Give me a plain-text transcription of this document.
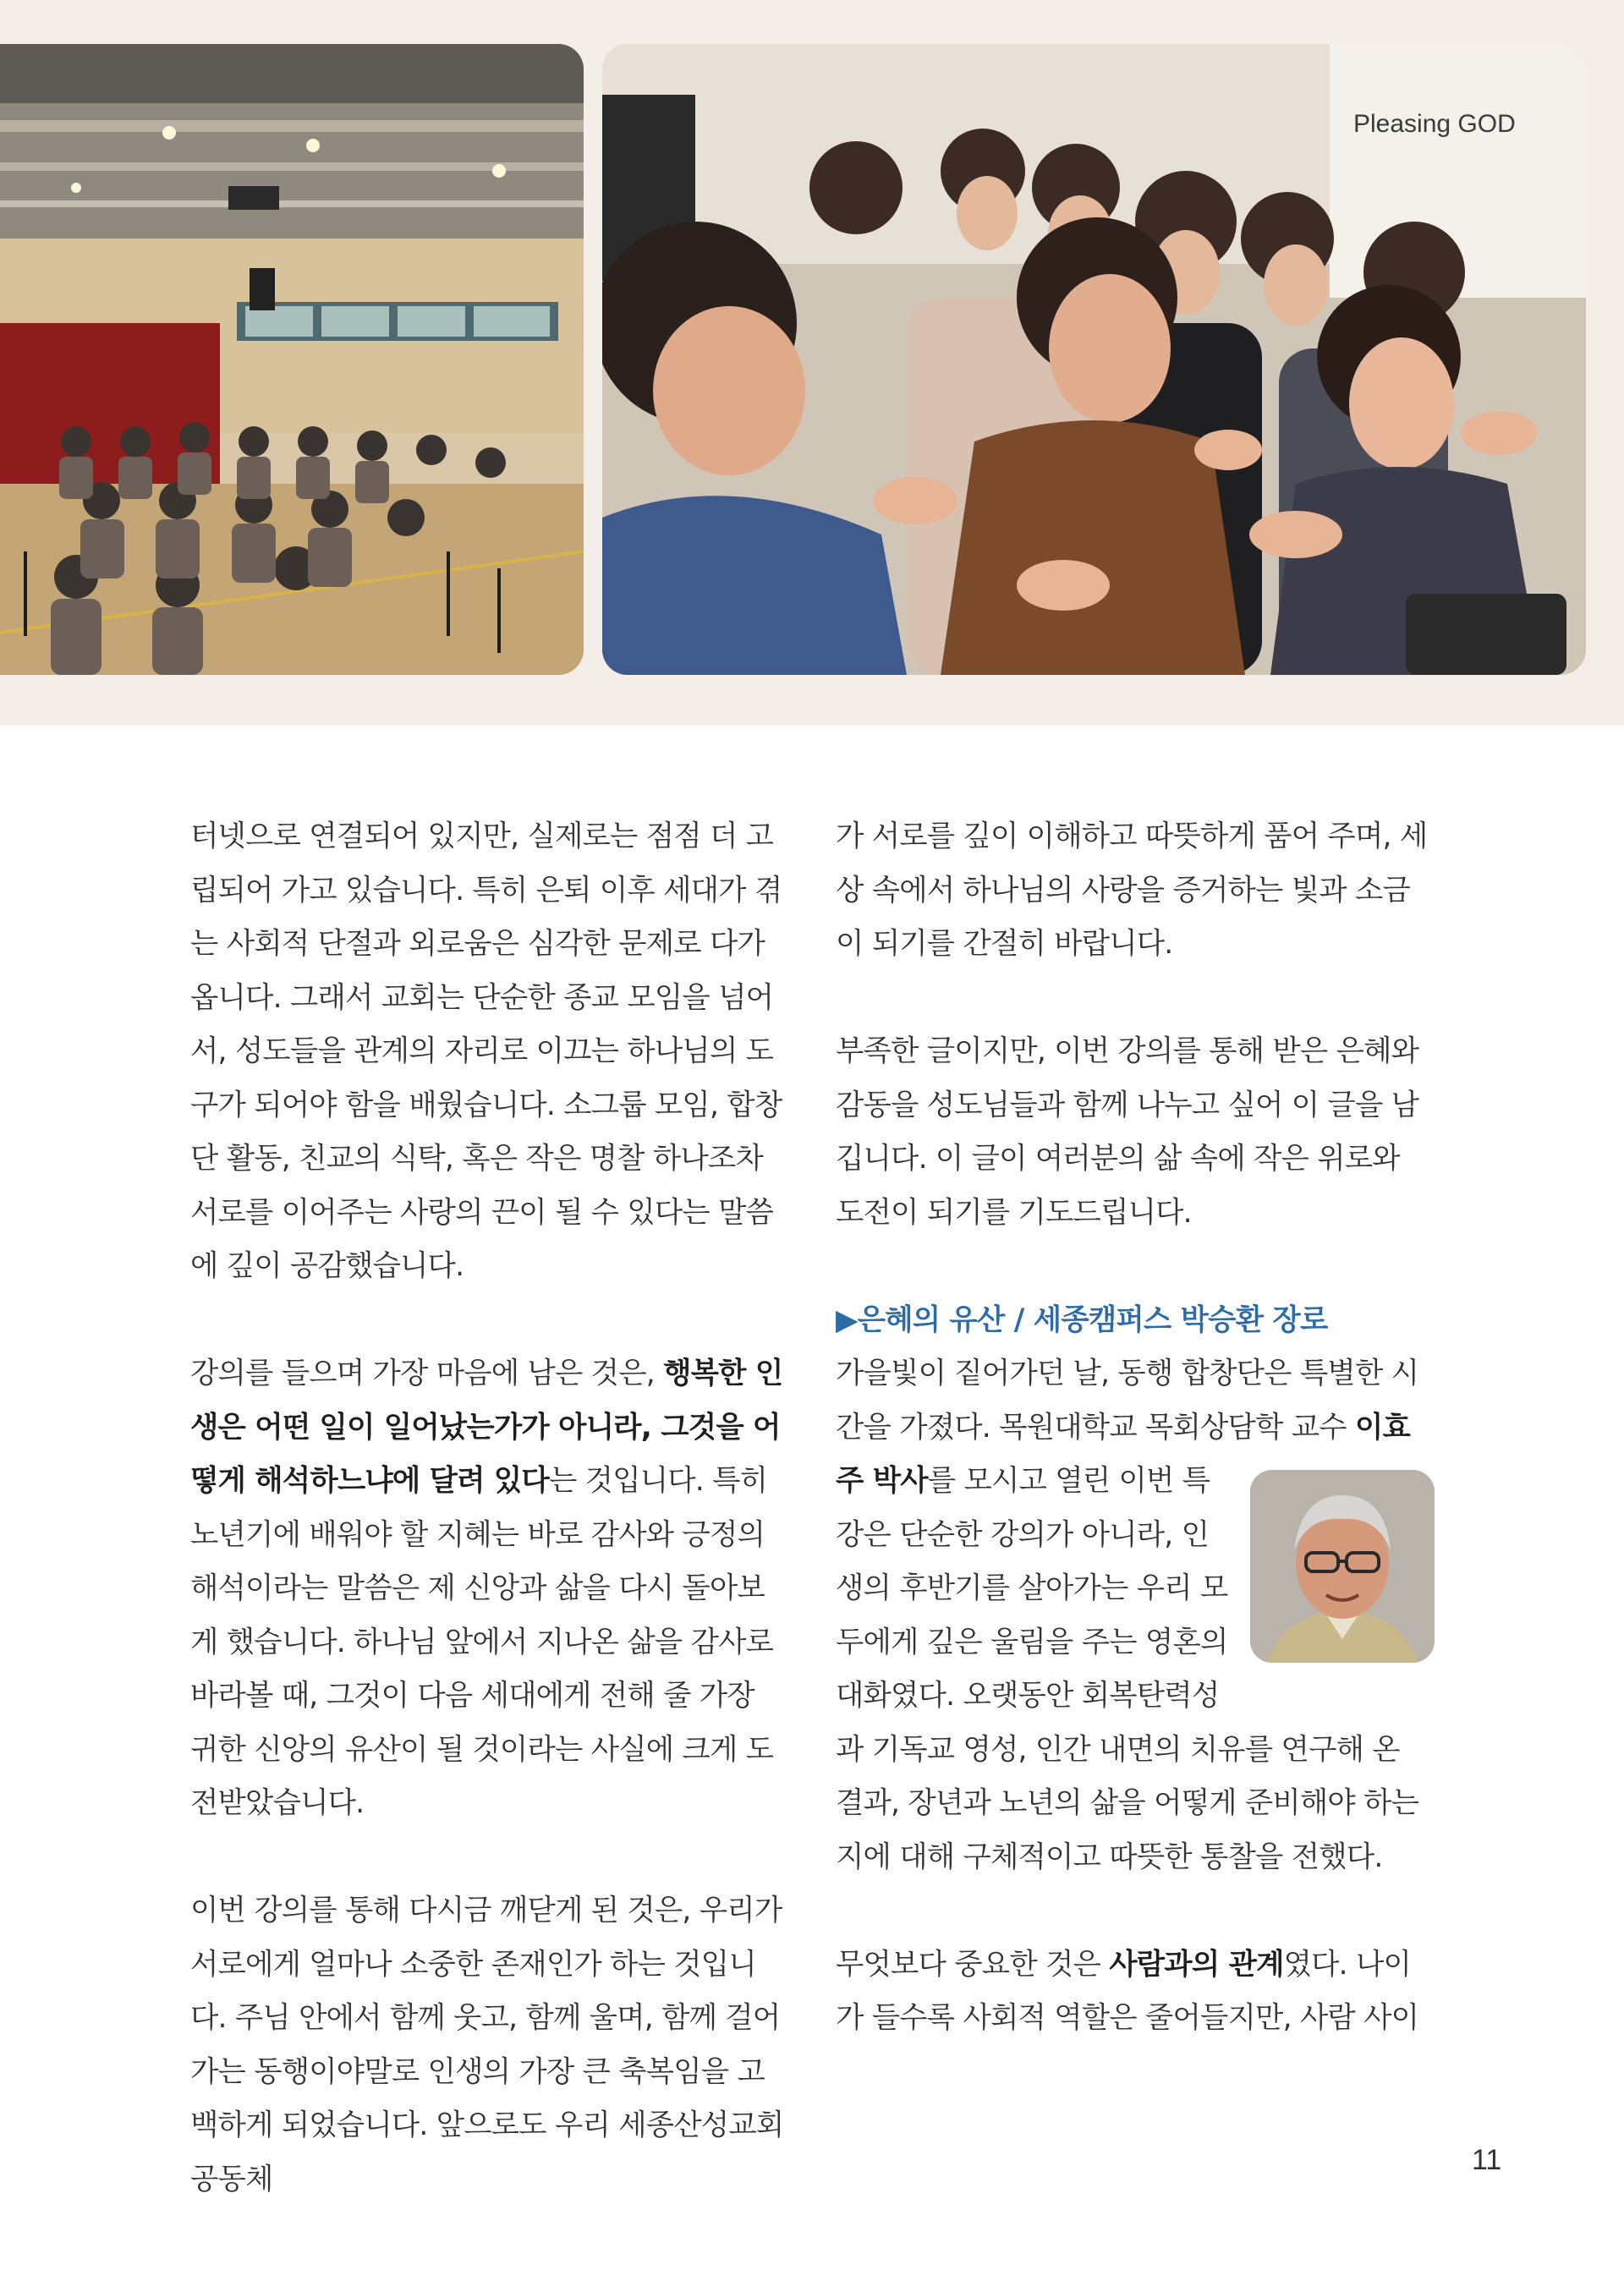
Pleasing GOD

터넷으로 연결되어 있지만, 실제로는 점점 더 고립되어 가고 있습니다. 특히 은퇴 이후 세대가 겪는 사회적 단절과 외로움은 심각한 문제로 다가옵니다. 그래서 교회는 단순한 종교 모임을 넘어서, 성도들을 관계의 자리로 이끄는 하나님의 도구가 되어야 함을 배웠습니다. 소그룹 모임, 합창단 활동, 친교의 식탁, 혹은 작은 명찰 하나조차 서로를 이어주는 사랑의 끈이 될 수 있다는 말씀에 깊이 공감했습니다.

강의를 들으며 가장 마음에 남은 것은, 행복한 인생은 어떤 일이 일어났는가가 아니라, 그것을 어떻게 해석하느냐에 달려 있다는 것입니다. 특히 노년기에 배워야 할 지혜는 바로 감사와 긍정의 해석이라는 말씀은 제 신앙과 삶을 다시 돌아보게 했습니다. 하나님 앞에서 지나온 삶을 감사로 바라볼 때, 그것이 다음 세대에게 전해 줄 가장 귀한 신앙의 유산이 될 것이라는 사실에 크게 도전받았습니다.

이번 강의를 통해 다시금 깨닫게 된 것은, 우리가 서로에게 얼마나 소중한 존재인가 하는 것입니다. 주님 안에서 함께 웃고, 함께 울며, 함께 걸어가는 동행이야말로 인생의 가장 큰 축복임을 고백하게 되었습니다. 앞으로도 우리 세종산성교회 공동체

가 서로를 깊이 이해하고 따뜻하게 품어 주며, 세상 속에서 하나님의 사랑을 증거하는 빛과 소금이 되기를 간절히 바랍니다.

부족한 글이지만, 이번 강의를 통해 받은 은혜와 감동을 성도님들과 함께 나누고 싶어 이 글을 남깁니다. 이 글이 여러분의 삶 속에 작은 위로와 도전이 되기를 기도드립니다.

▶은혜의 유산 / 세종캠퍼스 박승환 장로

가을빛이 짙어가던 날, 동행 합창단은 특별한 시간을 가졌다. 목원대학교 목회상담학 교수 이효주 박사
를 모시고 열린 이번 특강은 단순한 강의가 아니라, 인생의 후반기를 살아가는 우리 모두에게 깊은 울림을 주는 영혼의 대화였다. 오랫동안 회복탄력성과 기독교 영성, 인간 내면의 치유를 연구해 온 결과, 장년과 노년의 삶을 어떻게 준비해야 하는지에 대해 구체적이고 따뜻한 통찰을 전했다.

무엇보다 중요한 것은 사람과의 관계였다. 나이가 들수록 사회적 역할은 줄어들지만, 사람 사이

11
